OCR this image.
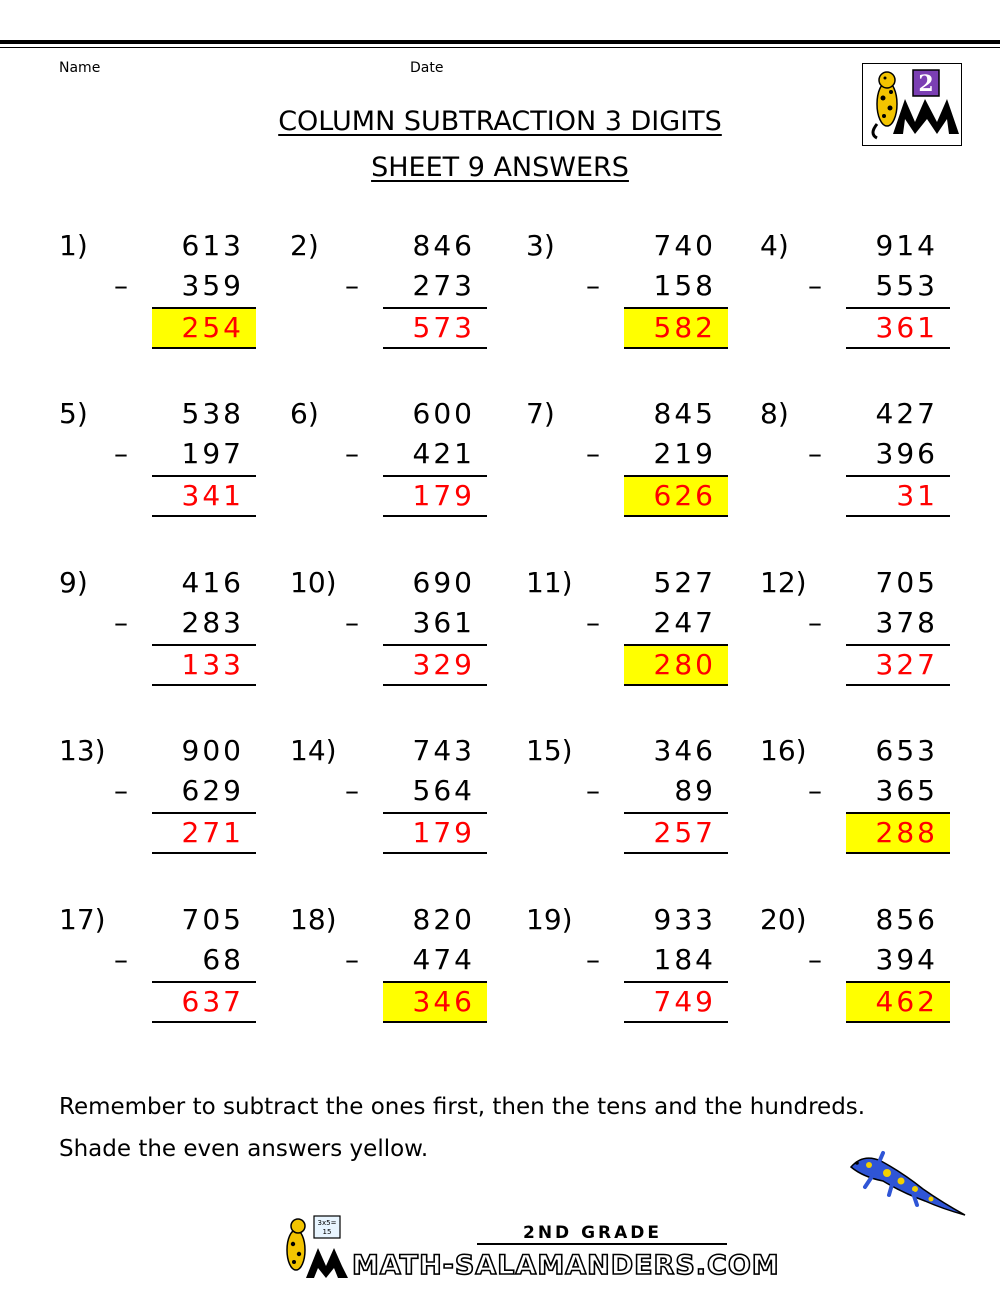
Name	Date
COLUMN SUBTRACTION 3 DIGITS
SHEET 9 ANSWERS
2
1)	613
–	359
254
2)	846
–	273
573
3)	740
–	158
582
4)	914
–	553
361
5)	538
–	197
341
6)	600
–	421
179
7)	845
–	219
626
8)	427
–	396
31
9)	416
–	283
133
10)	690
–	361
329
11)	527
–	247
280
12)	705
–	378
327
13)	900
–	629
271
14)	743
–	564
179
15)	346
–	89
257
16)	653
–	365
288
17)	705
–	68
637
18)	820
–	474
346
19)	933
–	184
749
20)	856
–	394
462
Remember to subtract the ones first, then the tens and the hundreds.
Shade the even answers yellow.
3x5=
15	2ND GRADE
MATH-SALAMANDERS.COM
